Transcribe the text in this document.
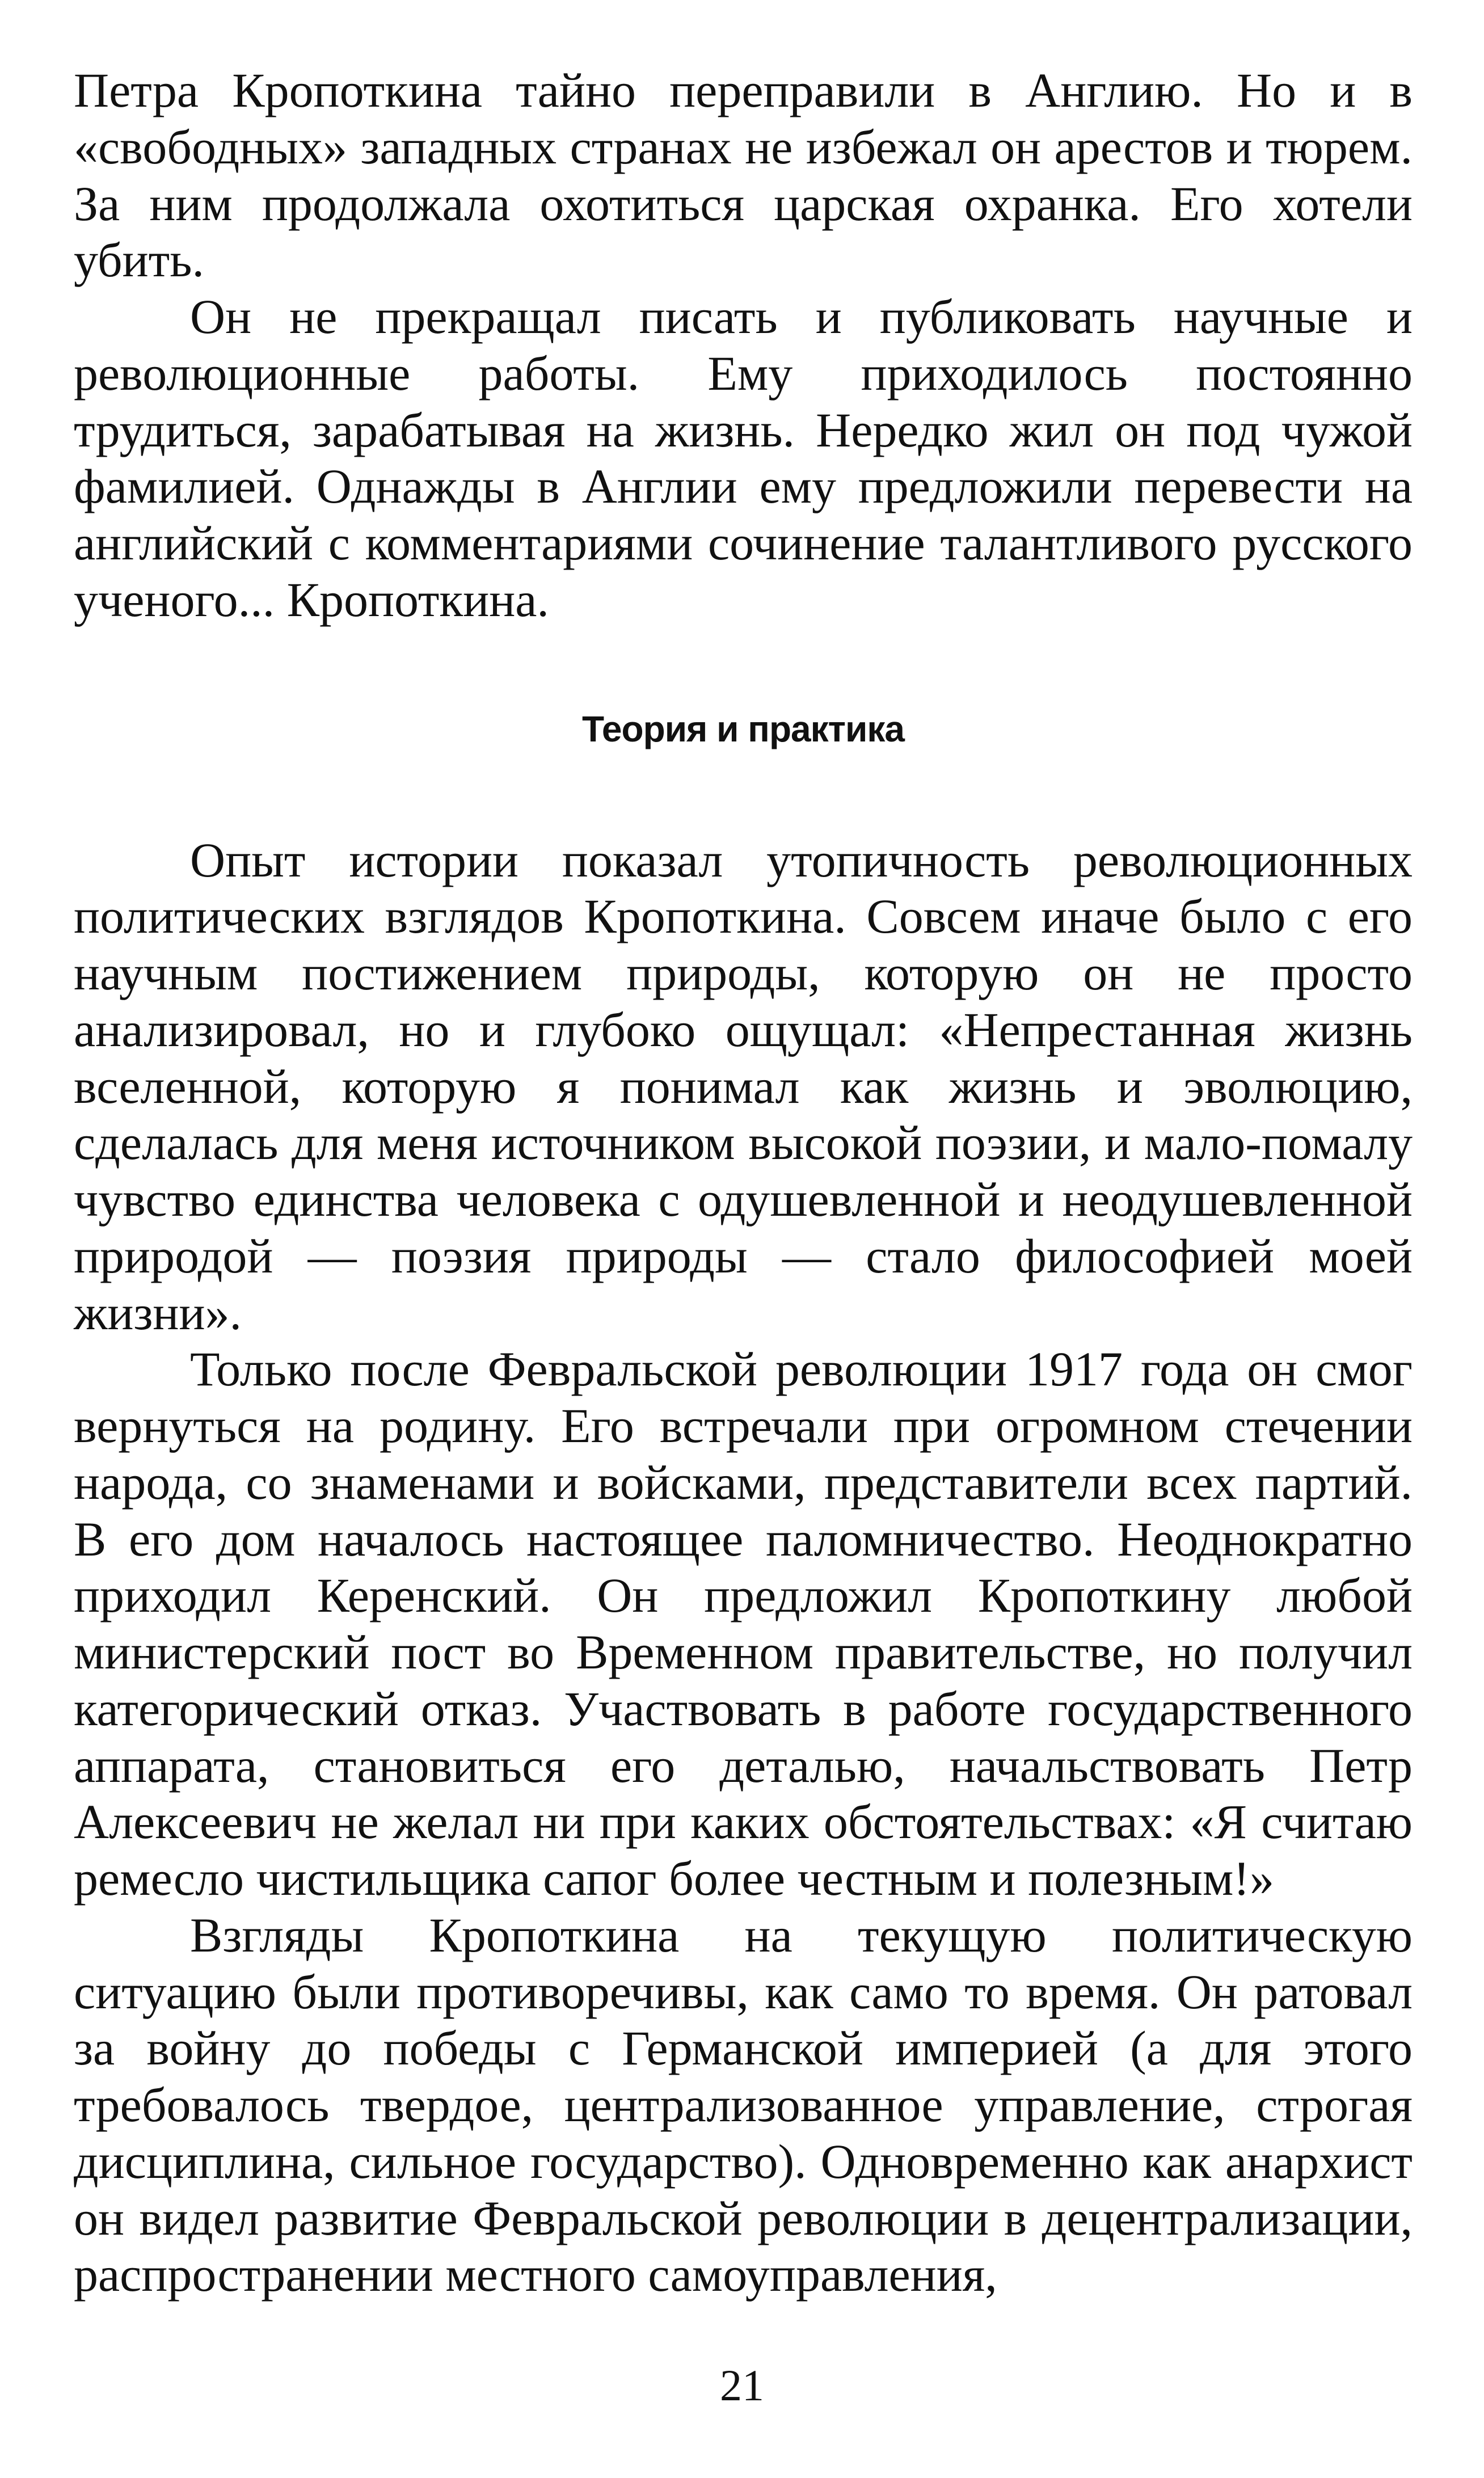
Петра Кропоткина тайно переправили в Англию. Но и в «свободных» западных странах не избежал он арестов и тюрем. За ним продолжала охотиться царская охранка. Его хотели убить.

Он не прекращал писать и публиковать научные и революционные работы. Ему приходилось постоянно трудиться, зарабатывая на жизнь. Нередко жил он под чужой фамилией. Однажды в Англии ему предложили перевести на английский с комментариями сочинение талантливого русского ученого... Кропоткина.

Теория и практика

Опыт истории показал утопичность революционных политических взглядов Кропоткина. Совсем иначе было с его научным постижением природы, которую он не просто анализировал, но и глубоко ощущал: «Непрестанная жизнь вселенной, которую я понимал как жизнь и эволюцию, сделалась для меня источником высокой поэзии, и мало-помалу чувство единства человека с одушевленной и неодушевленной природой — поэзия природы — стало философией моей жизни».

Только после Февральской революции 1917 года он смог вернуться на родину. Его встречали при огромном стечении народа, со знаменами и войсками, представители всех партий. В его дом началось настоящее паломничество. Неоднократно приходил Керенский. Он предложил Кропоткину любой министерский пост во Временном правительстве, но получил категорический отказ. Участвовать в работе государственного аппарата, становиться его деталью, начальствовать Петр Алексеевич не желал ни при каких обстоятельствах: «Я считаю ремесло чистильщика сапог более честным и полезным!»

Взгляды Кропоткина на текущую политическую ситуацию были противоречивы, как само то время. Он ратовал за войну до победы с Германской империей (а для этого требовалось твердое, централизованное управление, строгая дисциплина, сильное государство). Одновременно как анархист он видел развитие Февральской революции в децентрализации, распространении местного самоуправления,

21
